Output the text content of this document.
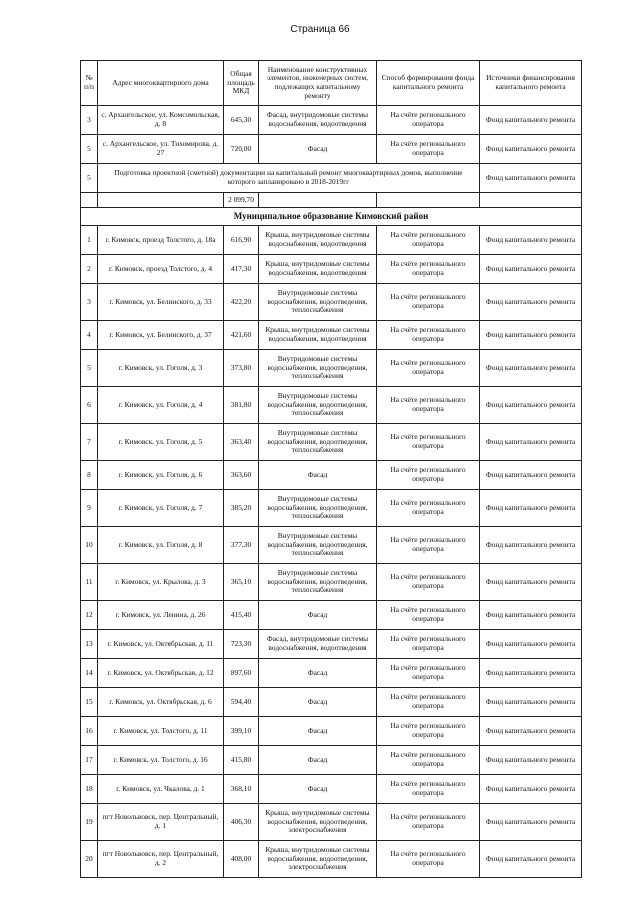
Страница 66
№ п/п	Адрес многоквартирного дома	Общая площадь МКД	Наименование конструктивных элементов, инженерных систем, подлежащих капитальному ремонту	Способ формирования фонда капитального ремонта	Источники финансирования капитального ремонта
3	с. Архангельское, ул. Комсомольская, д. 8	645,30	Фасад, внутридомовые системы водоснабжения, водоотведения	На счёте регионального оператора	Фонд капитального ремонта
5	с. Архангельское, ул. Тихомирова, д. 27	720,00	Фасад	На счёте регионального оператора	Фонд капитального ремонта
5	Подготовка проектной (сметной) документации на капитальный ремонт многоквартирных домов, выполнение которого запланировано в 2018-2019гг				Фонд капитального ремонта
		2 099,70			
Муниципальное образование Кимовский район					
1	г. Кимовск, проезд Толстого, д. 18а	616,90	Крыша, внутридомовые системы водоснабжения, водоотведения	На счёте регионального оператора	Фонд капитального ремонта
2	г. Кимовск, проезд Толстого, д. 4	417,30	Крыша, внутридомовые системы водоснабжения, водоотведения	На счёте регионального оператора	Фонд капитального ремонта
3	г. Кимовск, ул. Белинского, д. 33	422,20	Внутридомовые системы водоснабжения, водоотведения, теплоснабжения	На счёте регионального оператора	Фонд капитального ремонта
4	г. Кимовск, ул. Белинского, д. 37	421,60	Крыша, внутридомовые системы водоснабжения, водоотведения	На счёте регионального оператора	Фонд капитального ремонта
5	г. Кимовск, ул. Гоголя, д. 3	373,80	Внутридомовые системы водоснабжения, водоотведения, теплоснабжения	На счёте регионального оператора	Фонд капитального ремонта
6	г. Кимовск, ул. Гоголя, д. 4	381,80	Внутридомовые системы водоснабжения, водоотведения, теплоснабжения	На счёте регионального оператора	Фонд капитального ремонта
7	г. Кимовск, ул. Гоголя, д. 5	363,40	Внутридомовые системы водоснабжения, водоотведения, теплоснабжения	На счёте регионального оператора	Фонд капитального ремонта
8	г. Кимовск, ул. Гоголя, д. 6	363,60	Фасад	На счёте регионального оператора	Фонд капитального ремонта
9	г. Кимовск, ул. Гоголя, д. 7	385,20	Внутридомовые системы водоснабжения, водоотведения, теплоснабжения	На счёте регионального оператора	Фонд капитального ремонта
10	г. Кимовск, ул. Гоголя, д. 8	377,30	Внутридомовые системы водоснабжения, водоотведения, теплоснабжения	На счёте регионального оператора	Фонд капитального ремонта
11	г. Кимовск, ул. Крылова, д. 3	365,10	Внутридомовые системы водоснабжения, водоотведения, теплоснабжения	На счёте регионального оператора	Фонд капитального ремонта
12	г. Кимовск, ул. Ленина, д. 26	415,40	Фасад	На счёте регионального оператора	Фонд капитального ремонта
13	г. Кимовск, ул. Октябрьская, д. 11	723,30	Фасад, внутридомовые системы водоснабжения, водоотведения	На счёте регионального оператора	Фонд капитального ремонта
14	г. Кимовск, ул. Октябрьская, д. 12	897,60	Фасад	На счёте регионального оператора	Фонд капитального ремонта
15	г. Кимовск, ул. Октябрьская, д. 6	594,40	Фасад	На счёте регионального оператора	Фонд капитального ремонта
16	г. Кимовск, ул. Толстого, д. 11	399,10	Фасад	На счёте регионального оператора	Фонд капитального ремонта
17	г. Кимовск, ул. Толстого, д. 16	415,80	Фасад	На счёте регионального оператора	Фонд капитального ремонта
18	г. Кимовск, ул. Чкалова, д. 1	368,10	Фасад	На счёте регионального оператора	Фонд капитального ремонта
19	пгт Новольвовск, пер. Центральный, д. 1	406,30	Крыша, внутридомовые системы водоснабжения, водоотведения, электроснабжения	На счёте регионального оператора	Фонд капитального ремонта
20	пгт Новольвовск, пер. Центральный, д. 2	408,00	Крыша, внутридомовые системы водоснабжения, водоотведения, электроснабжения	На счёте регионального оператора	Фонд капитального ремонта
